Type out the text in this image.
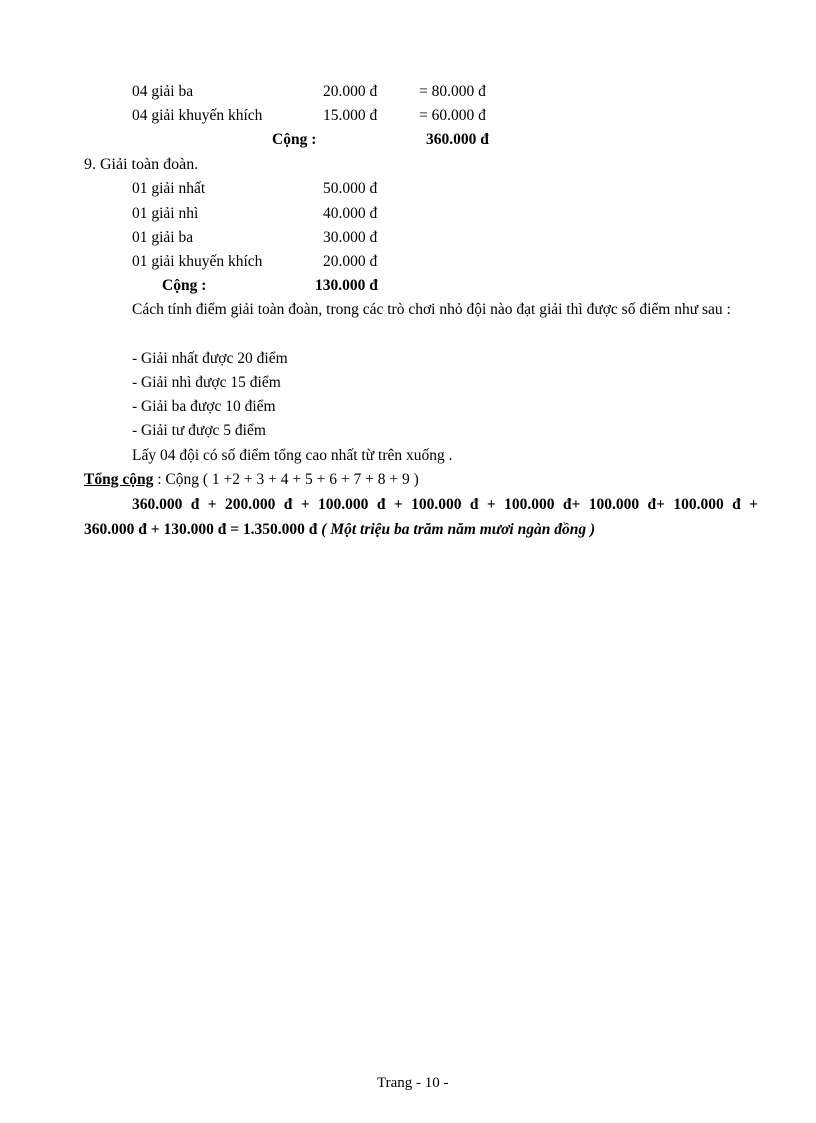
04 giải ba	20.000 đ	= 80.000 đ
04 giải khuyến khích	15.000 đ	= 60.000 đ
Cộng :	360.000 đ
9. Giải toàn đoàn.
01 giải nhất	50.000 đ
01 giải nhì	40.000 đ
01 giải ba	30.000 đ
01 giải khuyến khích	20.000 đ
Cộng :	130.000 đ
Cách tính điểm giải toàn đoàn, trong các trò chơi nhỏ đội nào đạt giải thì được số điểm như sau :
- Giải nhất được 20 điểm
- Giải nhì được 15 điểm
- Giải ba được 10 điểm
- Giải tư được 5 điểm
Lấy 04 đội có số điểm tổng cao nhất từ trên xuống .
Tổng cộng : Cộng ( 1 +2 + 3 + 4 + 5 + 6 + 7 + 8 + 9 )
360.000 đ + 200.000 đ + 100.000 đ + 100.000 đ + 100.000 đ+ 100.000 đ+ 100.000 đ +
360.000 đ + 130.000 đ = 1.350.000 đ ( Một triệu ba trăm năm mươi ngàn đồng )
Trang - 10 -
